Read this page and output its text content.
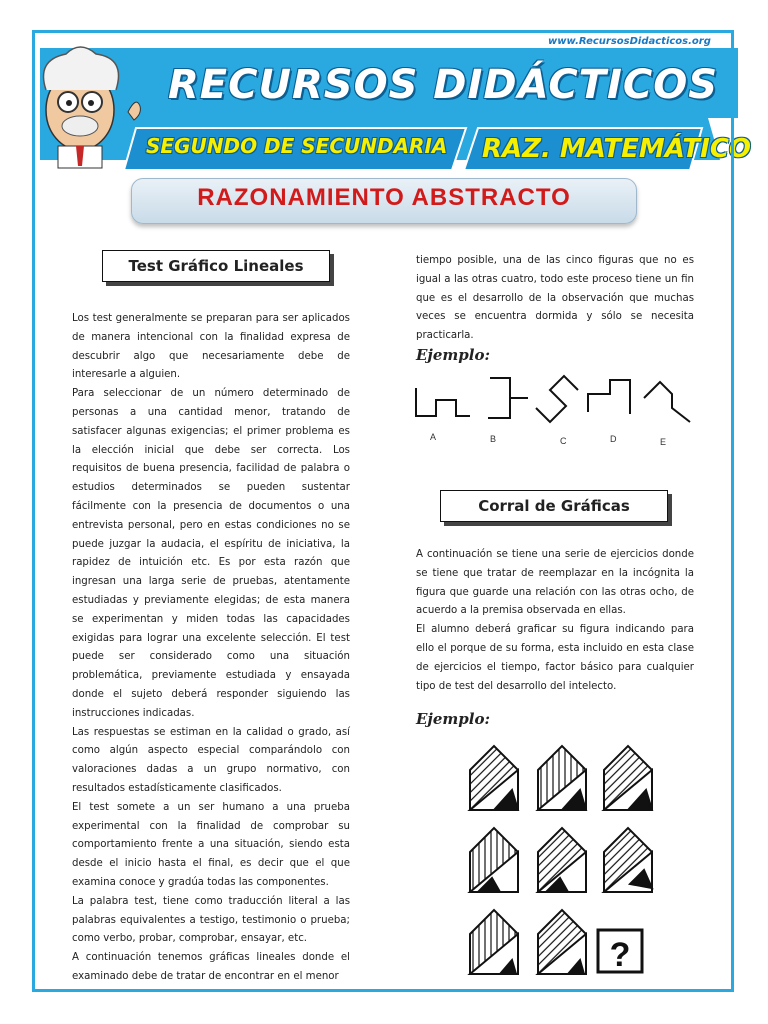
www.RecursosDidacticos.org
RECURSOS DIDÁCTICOS
SEGUNDO DE SECUNDARIA RAZ. MATEMÁTICO
RAZONAMIENTO ABSTRACTO
Test Gráfico Lineales

Los test generalmente se preparan para ser aplicados de manera intencional con la finalidad expresa de descubrir algo que necesariamente debe de interesarle a alguien.

Para seleccionar de un número determinado de personas a una cantidad menor, tratando de satisfacer algunas exigencias; el primer problema es la elección inicial que debe ser correcta. Los requisitos de buena presencia, facilidad de palabra o estudios determinados se pueden sustentar fácilmente con la presencia de documentos o una entrevista personal, pero en estas condiciones no se puede juzgar la audacia, el espíritu de iniciativa, la rapidez de intuición etc. Es por esta razón que ingresan una larga serie de pruebas, atentamente estudiadas y previamente elegidas; de esta manera se experimentan y miden todas las capacidades exigidas para lograr una excelente selección. El test puede ser considerado como una situación problemática, previamente estudiada y ensayada donde el sujeto deberá responder siguiendo las instrucciones indicadas.

Las respuestas se estiman en la calidad o grado, así como algún aspecto especial comparándolo con valoraciones dadas a un grupo normativo, con resultados estadísticamente clasificados.

El test somete a un ser humano a una prueba experimental con la finalidad de comprobar su comportamiento frente a una situación, siendo esta desde el inicio hasta el final, es decir que el que examina conoce y gradúa todas las componentes.

La palabra test, tiene como traducción literal a las palabras equivalentes a testigo, testimonio o prueba; como verbo, probar, comprobar, ensayar, etc.

A continuación tenemos gráficas lineales donde el examinado debe de tratar de encontrar en el menor

tiempo posible, una de las cinco figuras que no es igual a las otras cuatro, todo este proceso tiene un fin que es el desarrollo de la observación que muchas veces se encuentra dormida y sólo se necesita practicarla.

Ejemplo:
A	B	C	D	E
Corral de Gráficas

A continuación se tiene una serie de ejercicios donde se tiene que tratar de reemplazar en la incógnita la figura que guarde una relación con las otras ocho, de acuerdo a la premisa observada en ellas.

El alumno deberá graficar su figura indicando para ello el porque de su forma, esta incluido en esta clase de ejercicios el tiempo, factor básico para cualquier tipo de test del desarrollo del intelecto.

Ejemplo:
?
